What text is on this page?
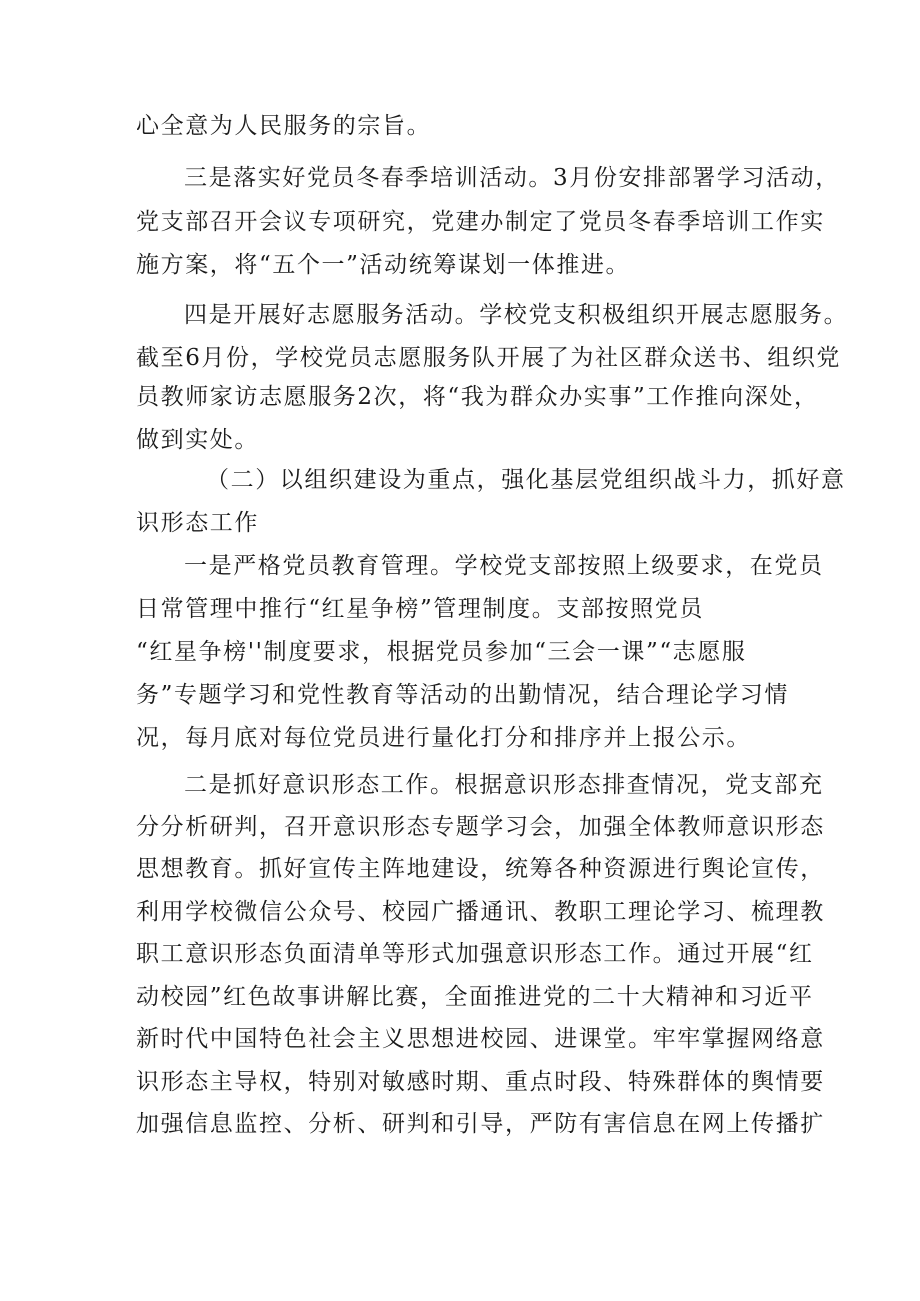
心全意为人民服务的宗旨。
三是落实好党员冬春季培训活动。3月份安排部署学习活动，
党支部召开会议专项研究，党建办制定了党员冬春季培训工作实
施方案，将“五个一”活动统筹谋划一体推进。
四是开展好志愿服务活动。学校党支积极组织开展志愿服务。
截至6月份，学校党员志愿服务队开展了为社区群众送书、组织党
员教师家访志愿服务2次，将“我为群众办实事”工作推向深处，
做到实处。
（二）以组织建设为重点，强化基层党组织战斗力，抓好意
识形态工作
一是严格党员教育管理。学校党支部按照上级要求，在党员
日常管理中推行“红星争榜”管理制度。支部按照党员
“红星争榜''制度要求，根据党员参加“三会一课”“志愿服
务”专题学习和党性教育等活动的出勤情况，结合理论学习情
况，每月底对每位党员进行量化打分和排序并上报公示。
二是抓好意识形态工作。根据意识形态排查情况，党支部充
分分析研判，召开意识形态专题学习会，加强全体教师意识形态
思想教育。抓好宣传主阵地建设，统筹各种资源进行舆论宣传，
利用学校微信公众号、校园广播通讯、教职工理论学习、梳理教
职工意识形态负面清单等形式加强意识形态工作。通过开展“红
动校园”红色故事讲解比赛，全面推进党的二十大精神和习近平
新时代中国特色社会主义思想进校园、进课堂。牢牢掌握网络意
识形态主导权，特别对敏感时期、重点时段、特殊群体的舆情要
加强信息监控、分析、研判和引导，严防有害信息在网上传播扩
